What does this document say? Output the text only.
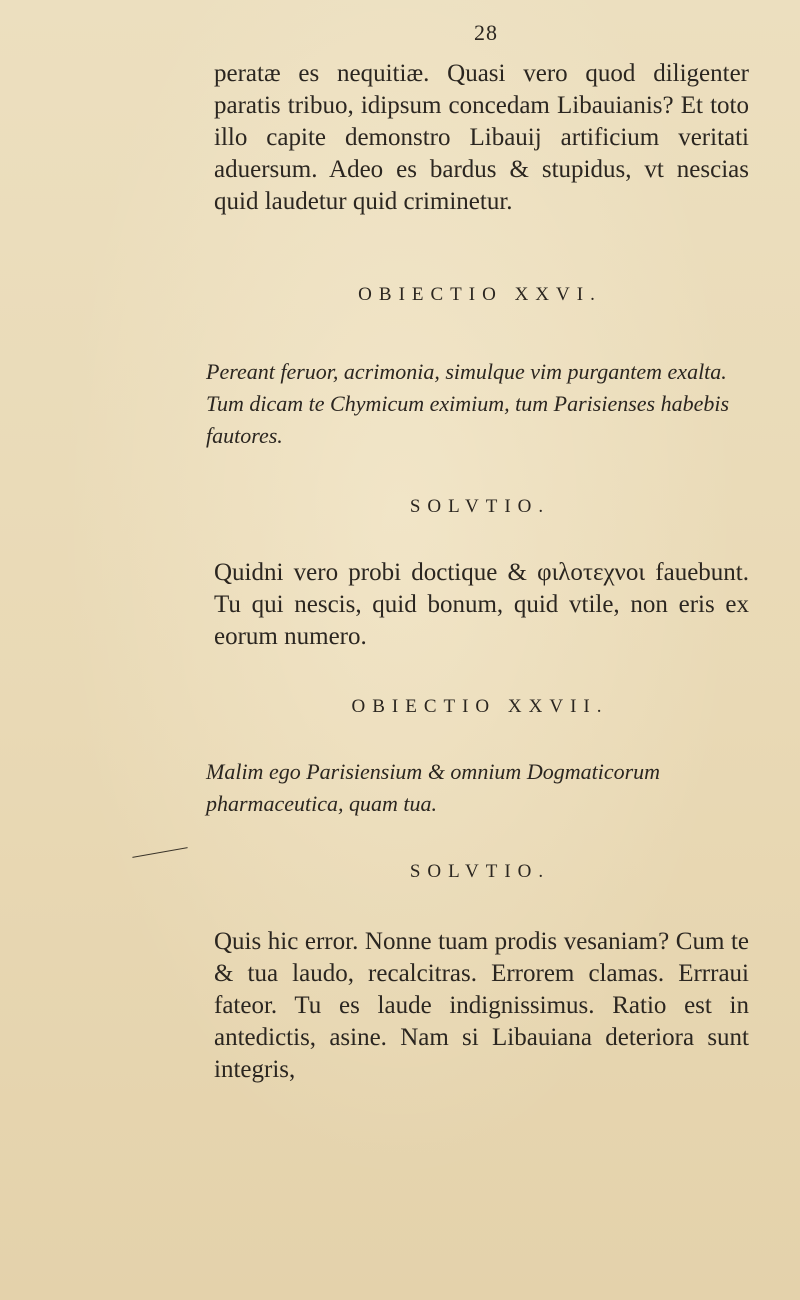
28

peratæ es nequitiæ. Quasi vero quod diligenter paratis tribuo, idipsum concedam Libauianis? Et toto illo capite demonstro Libauij artificium veritati aduersum. Adeo es bardus & stupidus, vt nescias quid laudetur quid criminetur.

OBIECTIO XXVI.

Pereant feruor, acrimonia, simulque vim purgantem exalta. Tum dicam te Chymicum eximium, tum Parisienses habebis fautores.

SOLVTIO.

Quidni vero probi doctique & φιλοτεχνοι fauebunt. Tu qui nescis, quid bonum, quid vtile, non eris ex eorum numero.

OBIECTIO XXVII.

Malim ego Parisiensium & omnium Dogmaticorum pharmaceutica, quam tua.

SOLVTIO.

Quis hic error. Nonne tuam prodis vesaniam? Cum te & tua laudo, recalcitras. Errorem clamas. Errraui fateor. Tu es laude indignissimus. Ratio est in antedictis, asine. Nam si Libauiana deteriora sunt integris,
